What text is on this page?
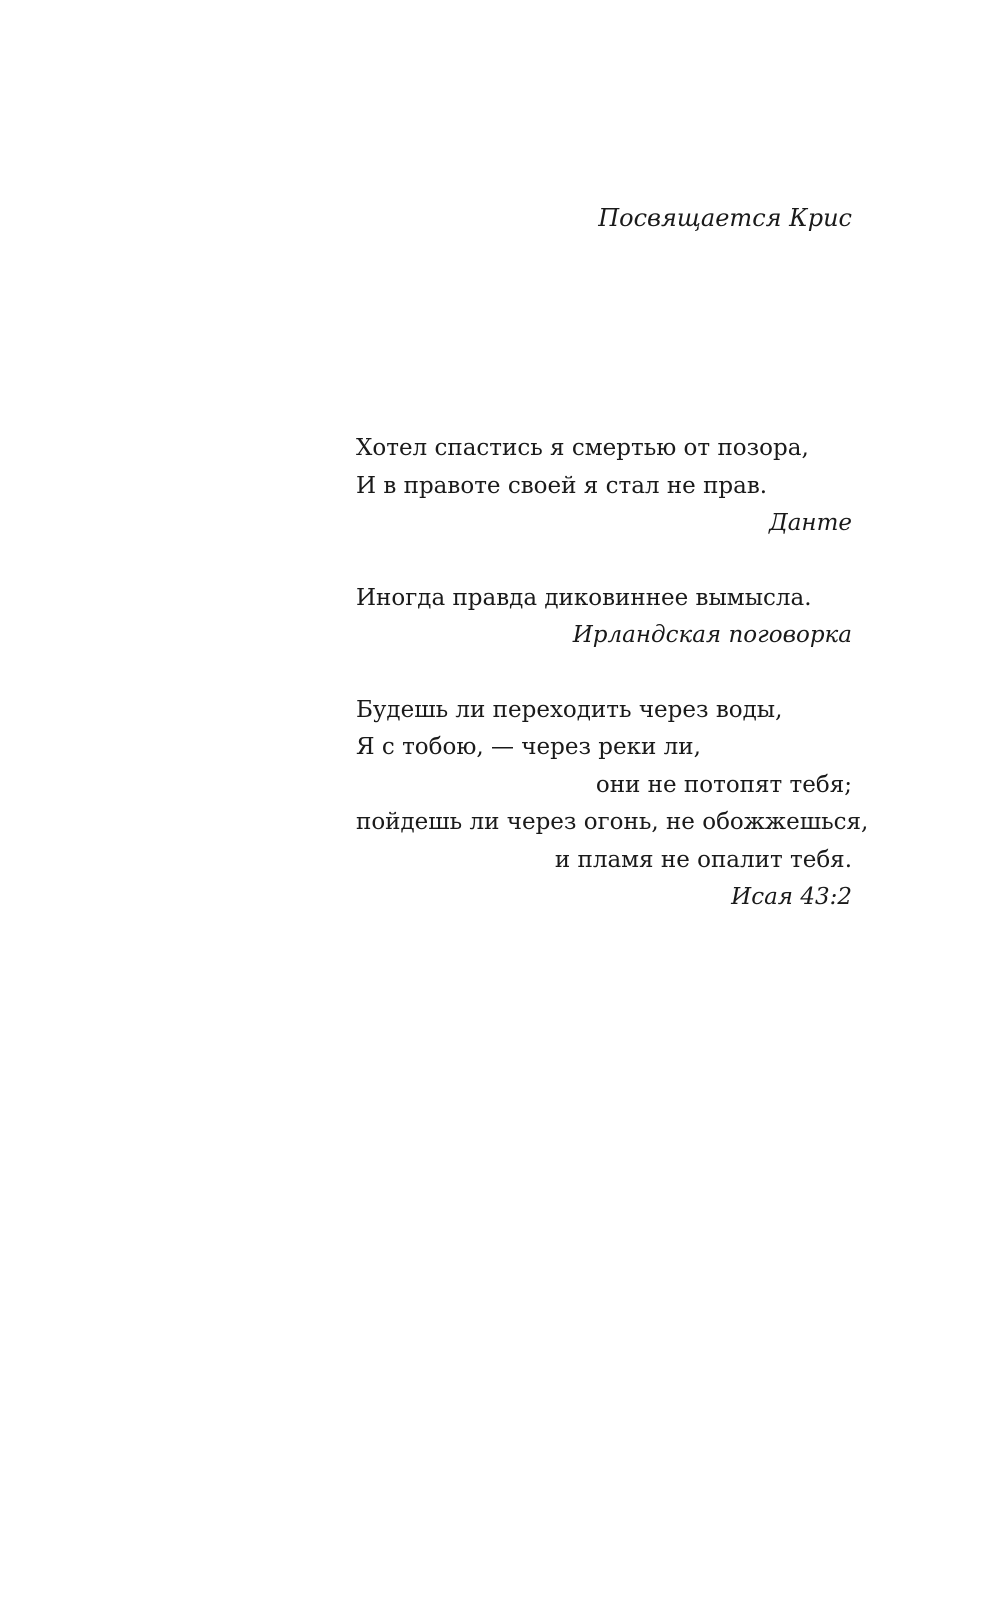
Посвящается Крис
Хотел спастись я смертью от позора,
И в правоте своей я стал не прав.
Данте
Иногда правда диковиннее вымысла.
Ирландская поговорка
Будешь ли переходить через воды,
Я с тобою, — через реки ли,
они не потопят тебя;
пойдешь ли через огонь, не обожжешься,
и пламя не опалит тебя.
Исая 43:2
